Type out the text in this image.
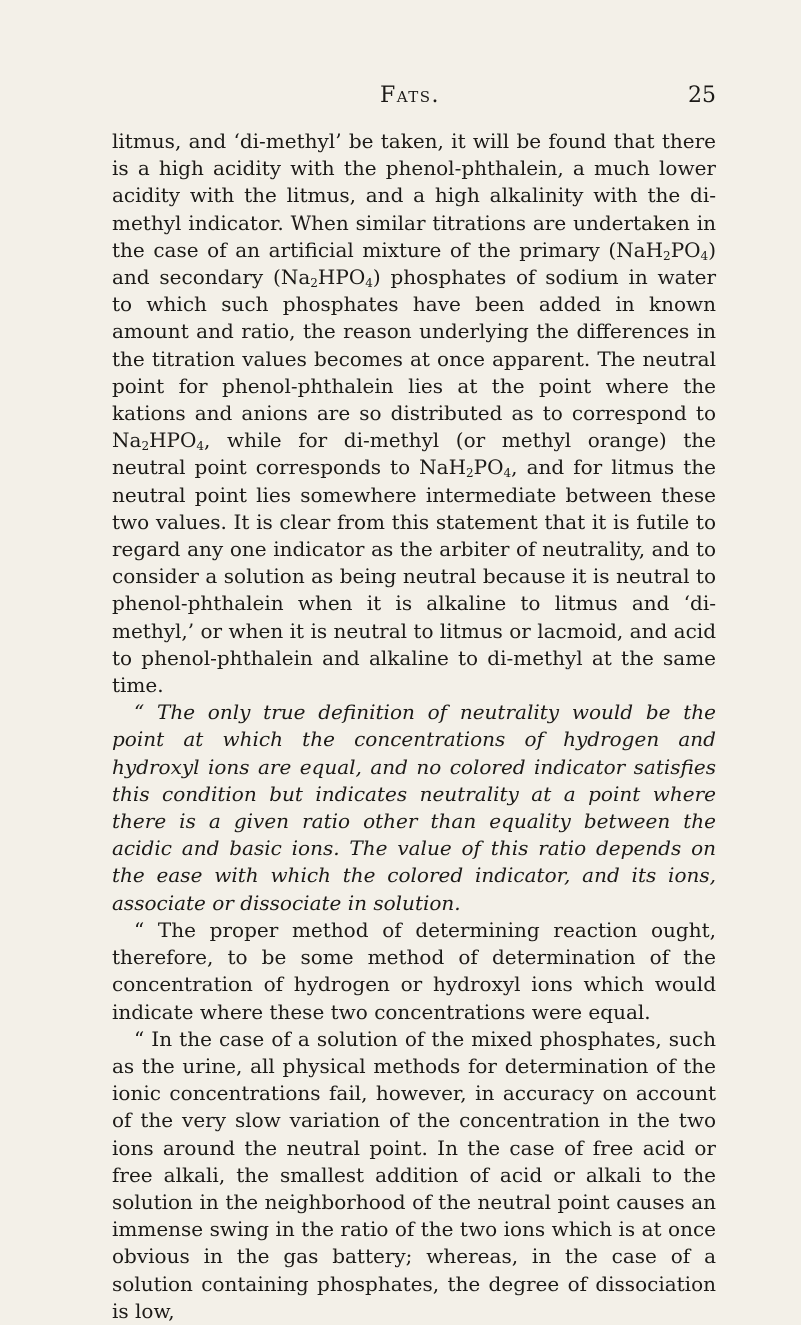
Fats.	25

litmus, and ‘di-methyl’ be taken, it will be found that there is a high acidity with the phenol-phthalein, a much lower acidity with the litmus, and a high alkalinity with the di-methyl indicator. When similar titrations are undertaken in the case of an artificial mixture of the primary $(NaH_2PO_4)$ and secondary $(Na_2HPO_4)$ phosphates of sodium in water to which such phosphates have been added in known amount and ratio, the reason underlying the differences in the titration values becomes at once apparent. The neutral point for phenol-phthalein lies at the point where the kations and anions are so distributed as to correspond to $Na_2HPO_4$, while for di-methyl (or methyl orange) the neutral point corresponds to $NaH_2PO_4$, and for litmus the neutral point lies somewhere intermediate between these two values. It is clear from this statement that it is futile to regard any one indicator as the arbiter of neutrality, and to consider a solution as being neutral because it is neutral to phenol-phthalein when it is alkaline to litmus and ‘di-methyl,’ or when it is neutral to litmus or lacmoid, and acid to phenol-phthalein and alkaline to di-methyl at the same time.

“ The only true definition of neutrality would be the point at which the concentrations of hydrogen and hydroxyl ions are equal, and no colored indicator satisfies this condition but indicates neutrality at a point where there is a given ratio other than equality between the acidic and basic ions. The value of this ratio depends on the ease with which the colored indicator, and its ions, associate or dissociate in solution.

“ The proper method of determining reaction ought, therefore, to be some method of determination of the concentration of hydrogen or hydroxyl ions which would indicate where these two concentrations were equal.

“ In the case of a solution of the mixed phosphates, such as the urine, all physical methods for determination of the ionic concentrations fail, however, in accuracy on account of the very slow variation of the concentration in the two ions around the neutral point. In the case of free acid or free alkali, the smallest addition of acid or alkali to the solution in the neighborhood of the neutral point causes an immense swing in the ratio of the two ions which is at once obvious in the gas battery; whereas, in the case of a solution containing phosphates, the degree of dissociation is low,
